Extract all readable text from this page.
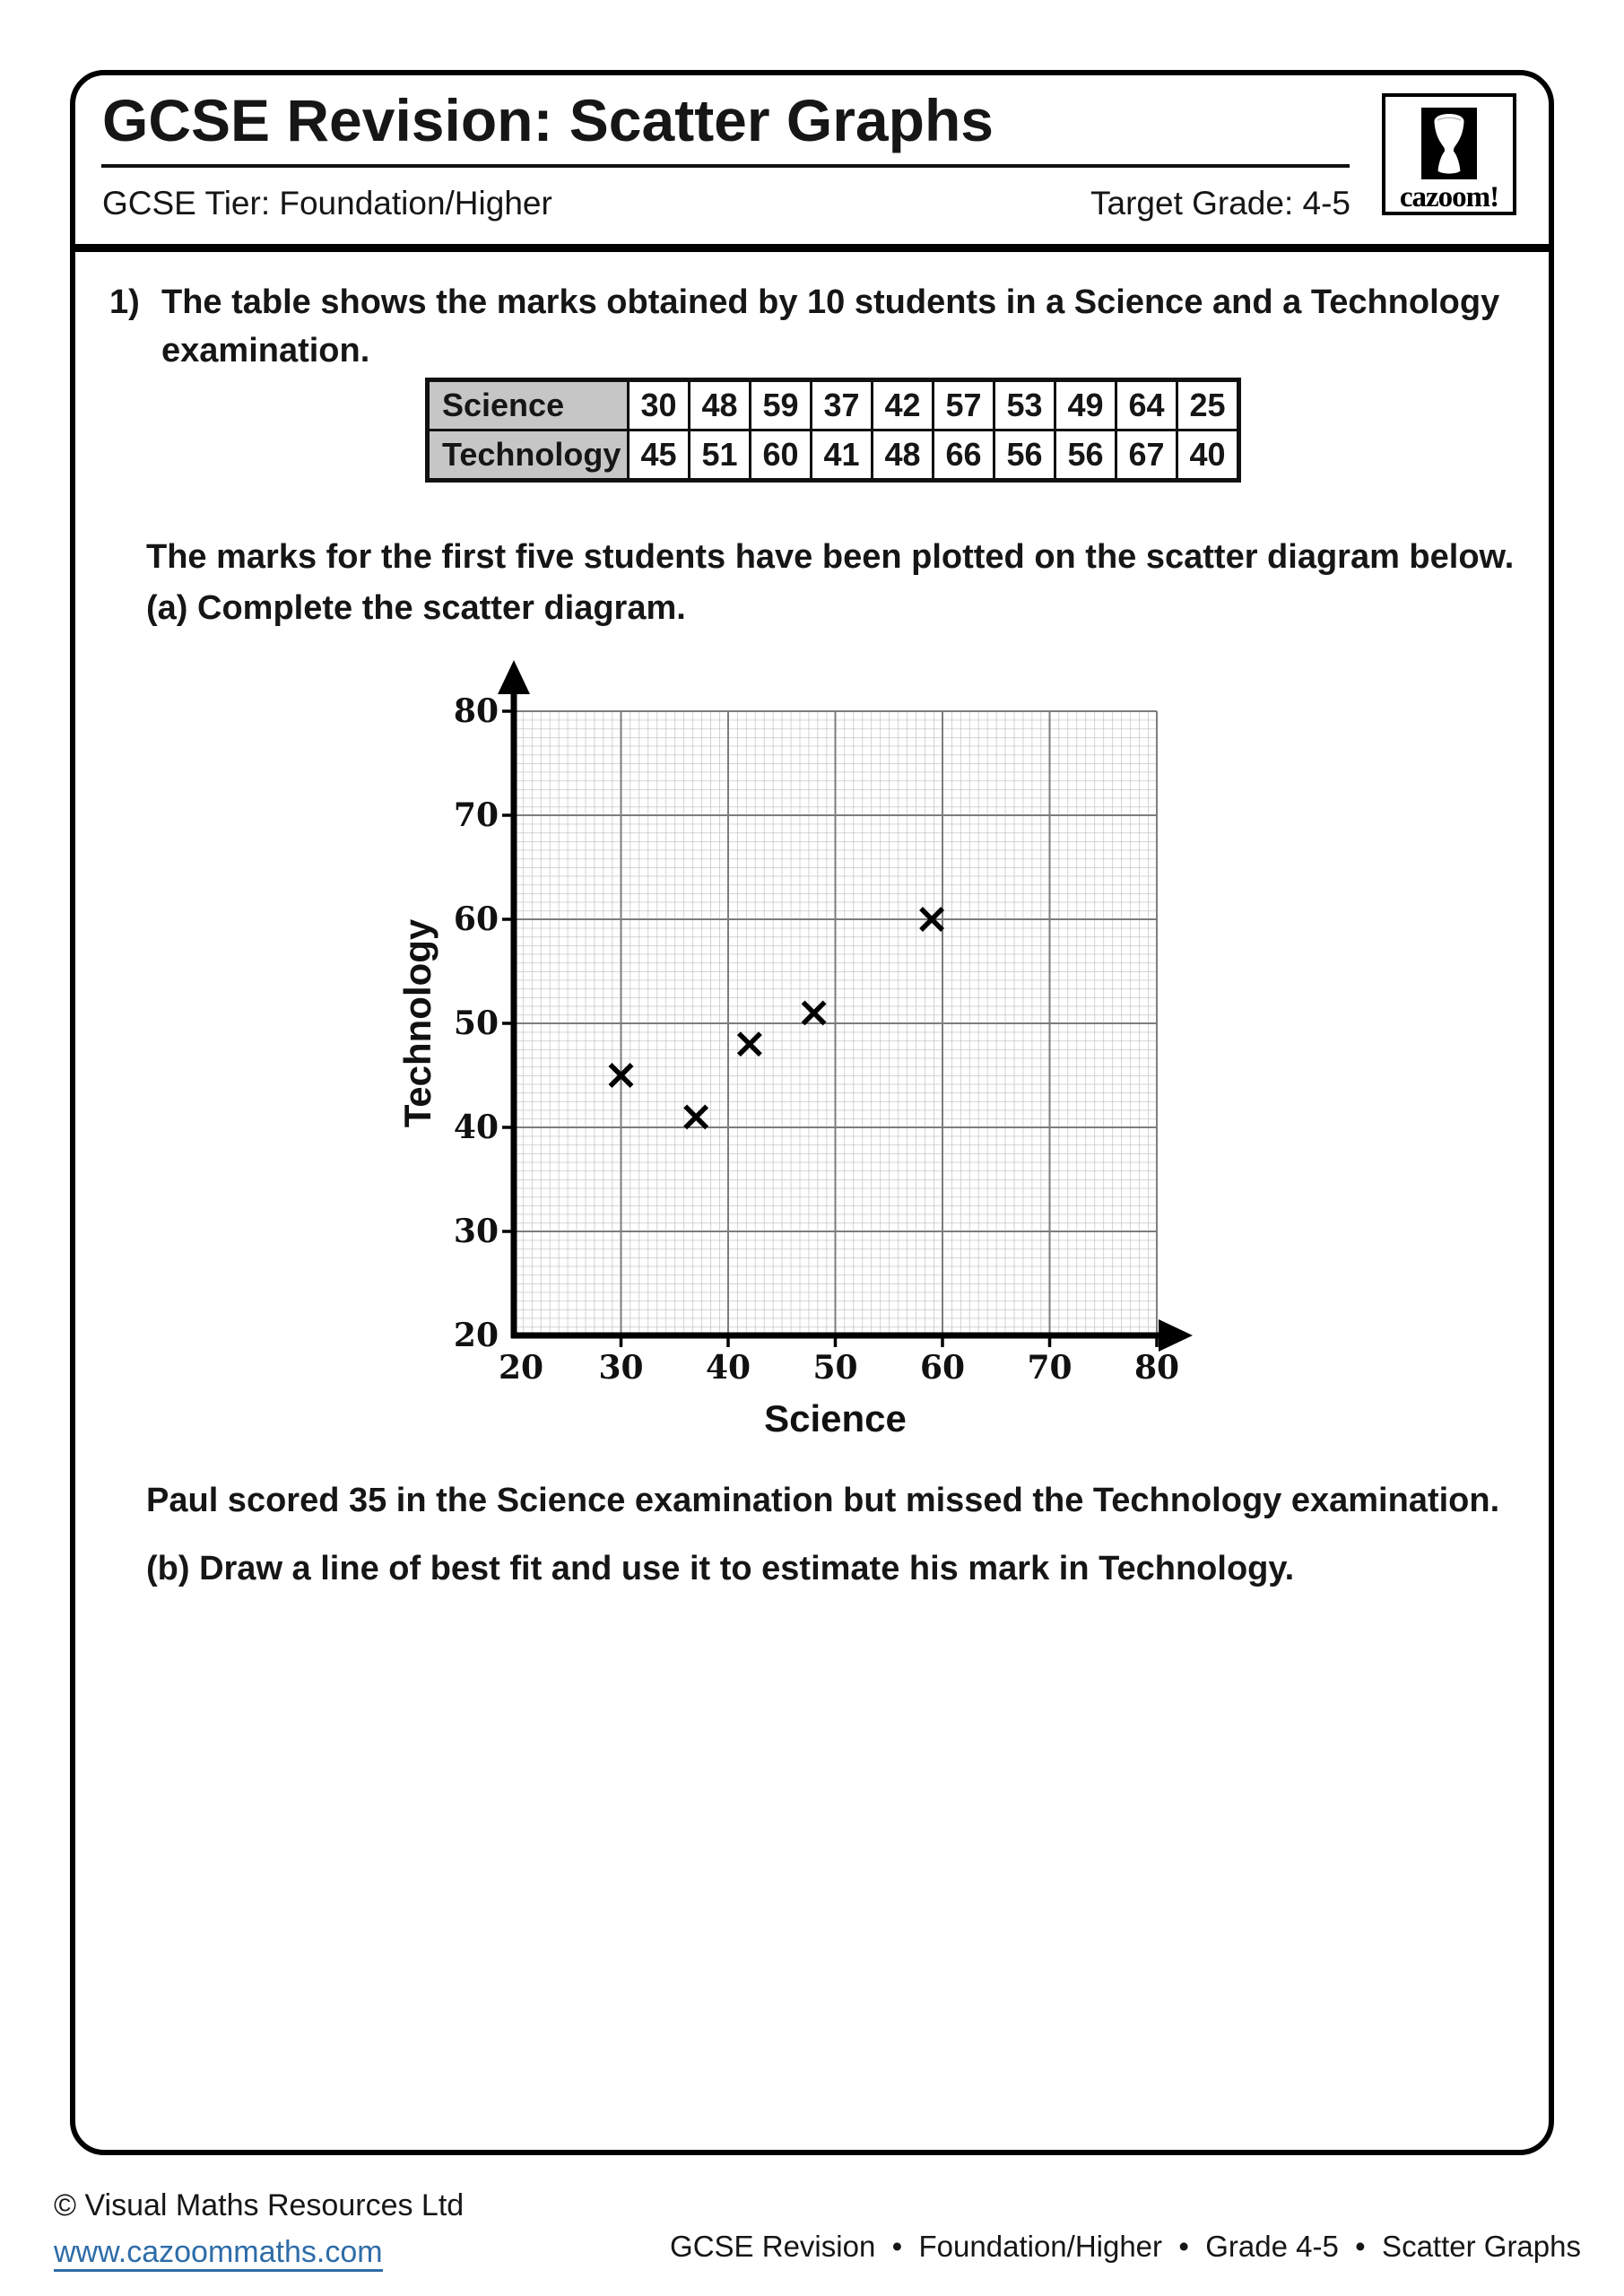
GCSE Revision: Scatter Graphs
GCSE Tier: Foundation/Higher	Target Grade: 4-5	cazoom!
1) The table shows the marks obtained by 10 students in a Science and a Technology
examination.
Science	30	48	59	37	42	57	53	49	64	25
Technology	45	51	60	41	48	66	56	56	67	40
The marks for the first five students have been plotted on the scatter diagram below.
(a) Complete the scatter diagram.
20
30
40
50
60
70
80
20 30 40 50 60 70 80
Science
Technology
Paul scored 35 in the Science examination but missed the Technology examination.
(b) Draw a line of best fit and use it to estimate his mark in Technology.
© Visual Maths Resources Ltd
www.cazoommaths.com	GCSE Revision  •  Foundation/Higher  •  Grade 4-5  •  Scatter Graphs
